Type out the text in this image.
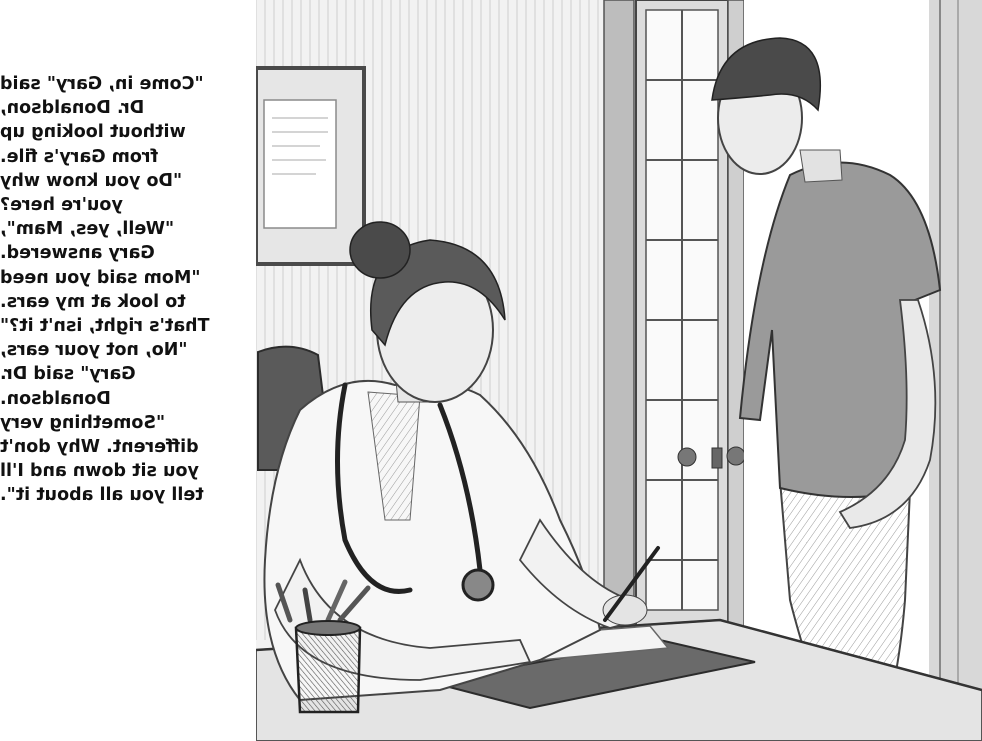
"Come in, Gary" said
Dr. Donaldson,
without looking up
from Gary's file.
"Do you know why
you're here?
"Well, yes, Mam",
Gary answered.
"Mom said you need
to look at my ears.
That's right, isn't it?"
"No, not your ears,
Gary" said Dr.
Donaldson.
"Something very
different. Why don't
you sit down and I'll
tell you all about it".
